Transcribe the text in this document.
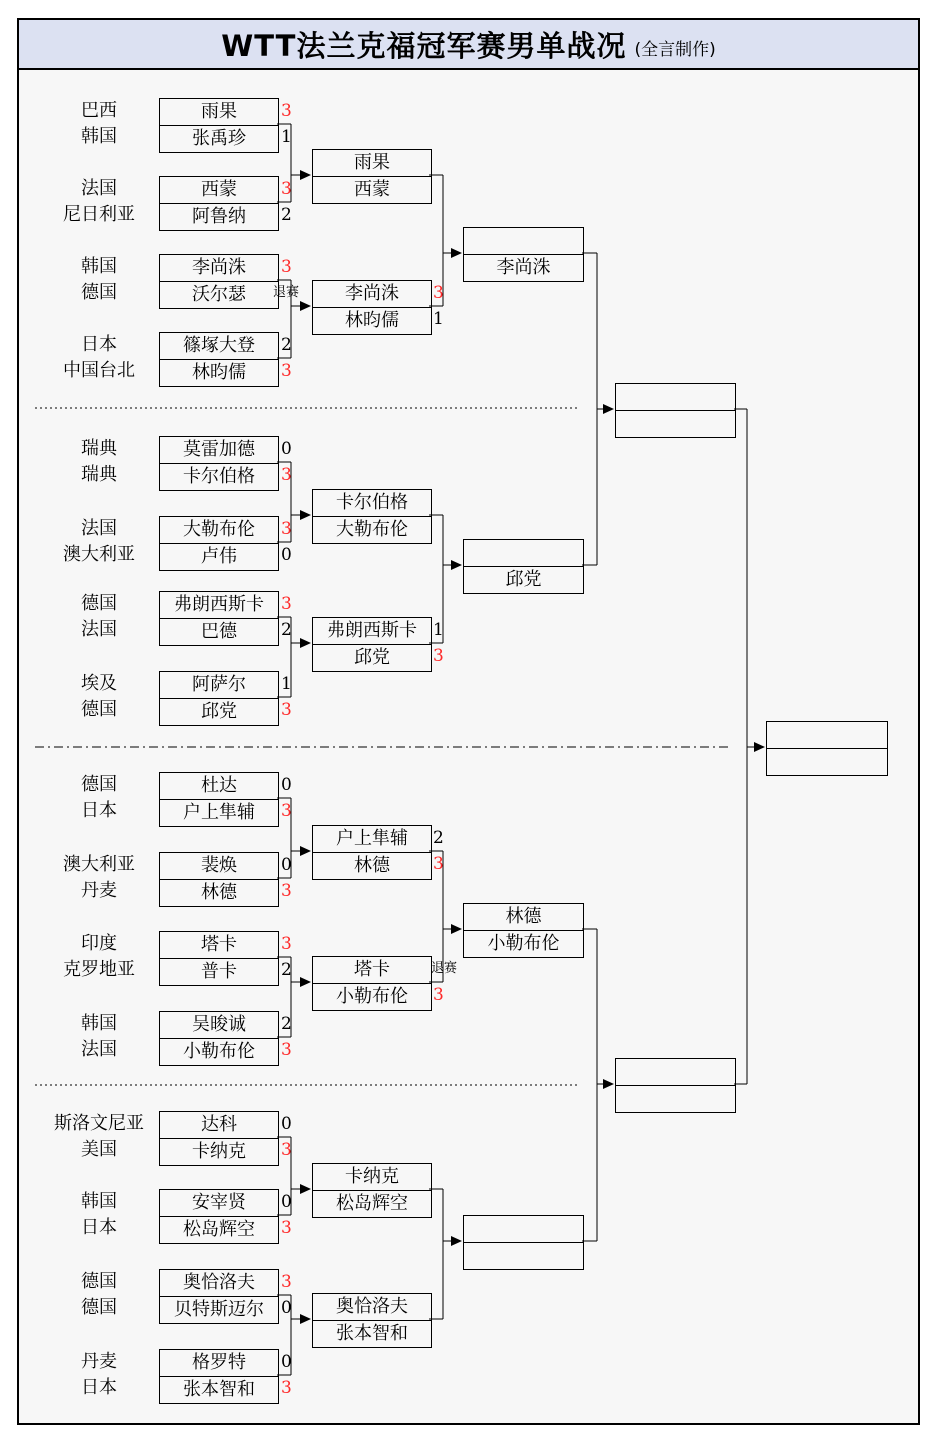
WTT法兰克福冠军赛男单战况 (全言制作)
巴西
韩国
法国
尼日利亚
韩国
德国
日本
中国台北
瑞典
瑞典
法国
澳大利亚
德国
法国
埃及
德国
德国
日本
澳大利亚
丹麦
印度
克罗地亚
韩国
法国
斯洛文尼亚
美国
韩国
日本
德国
德国
丹麦
日本
雨果
张禹珍
西蒙
阿鲁纳
李尚洙
沃尔瑟
篠塚大登
林昀儒
莫雷加德
卡尔伯格
大勒布伦
卢伟
弗朗西斯卡
巴德
阿萨尔
邱党
杜达
户上隼辅
裴焕
林德
塔卡
普卡
吴晙诚
小勒布伦
达科
卡纳克
安宰贤
松岛辉空
奥恰洛夫
贝特斯迈尔
格罗特
张本智和
3
1
3
2
3
退赛
2
3
0
3
3
0
3
2
1
3
0
3
0
3
3
2
2
3
0
3
0
3
3
0
0
3
雨果
西蒙
李尚洙
林昀儒
卡尔伯格
大勒布伦
弗朗西斯卡
邱党
户上隼辅
林德
塔卡
小勒布伦
卡纳克
松岛辉空
奥恰洛夫
张本智和
3
1
1
3
2
3
退赛
3
李尚洙
邱党
林德
小勒布伦
